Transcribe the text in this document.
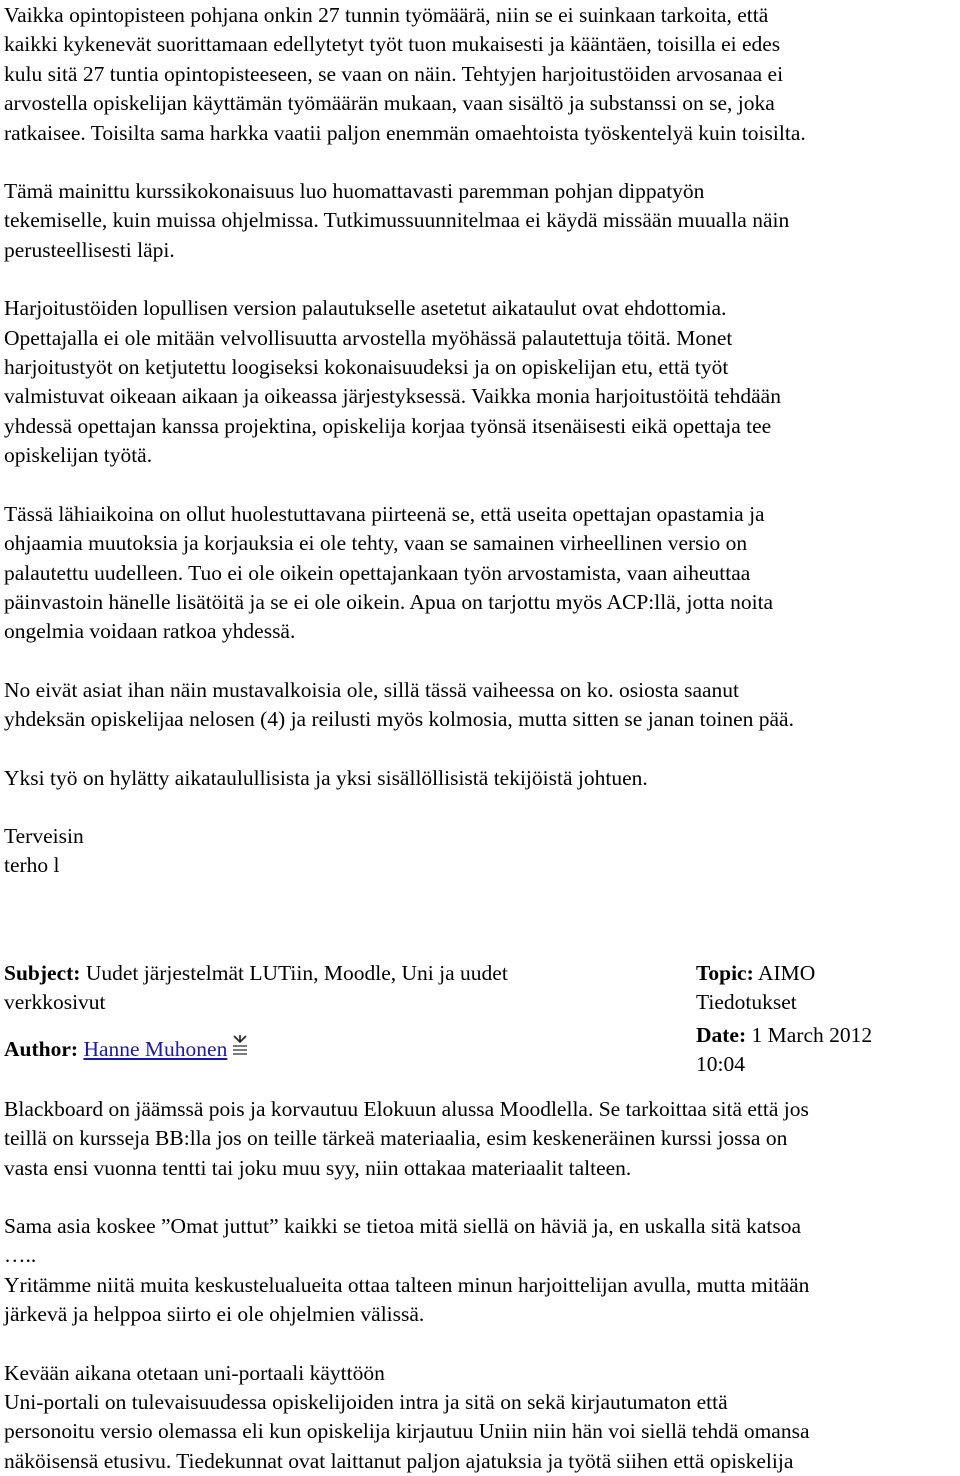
Vaikka opintopisteen pohjana onkin 27 tunnin työmäärä, niin se ei suinkaan tarkoita, että
kaikki kykenevät suorittamaan edellytetyt työt tuon mukaisesti ja kääntäen, toisilla ei edes
kulu sitä 27 tuntia opintopisteeseen, se vaan on näin. Tehtyjen harjoitustöiden arvosanaa ei
arvostella opiskelijan käyttämän työmäärän mukaan, vaan sisältö ja substanssi on se, joka
ratkaisee. Toisilta sama harkka vaatii paljon enemmän omaehtoista työskentelyä kuin toisilta.

Tämä mainittu kurssikokonaisuus luo huomattavasti paremman pohjan dippatyön
tekemiselle, kuin muissa ohjelmissa. Tutkimussuunnitelmaa ei käydä missään muualla näin
perusteellisesti läpi.

Harjoitustöiden lopullisen version palautukselle asetetut aikataulut ovat ehdottomia.
Opettajalla ei ole mitään velvollisuutta arvostella myöhässä palautettuja töitä. Monet
harjoitustyöt on ketjutettu loogiseksi kokonaisuudeksi ja on opiskelijan etu, että työt
valmistuvat oikeaan aikaan ja oikeassa järjestyksessä. Vaikka monia harjoitustöitä tehdään
yhdessä opettajan kanssa projektina, opiskelija korjaa työnsä itsenäisesti eikä opettaja tee
opiskelijan työtä.

Tässä lähiaikoina on ollut huolestuttavana piirteenä se, että useita opettajan opastamia ja
ohjaamia muutoksia ja korjauksia ei ole tehty, vaan se samainen virheellinen versio on
palautettu uudelleen. Tuo ei ole oikein opettajankaan työn arvostamista, vaan aiheuttaa
päinvastoin hänelle lisätöitä ja se ei ole oikein. Apua on tarjottu myös ACP:llä, jotta noita
ongelmia voidaan ratkoa yhdessä.

No eivät asiat ihan näin mustavalkoisia ole, sillä tässä vaiheessa on ko. osiosta saanut
yhdeksän opiskelijaa nelosen (4) ja reilusti myös kolmosia, mutta sitten se janan toinen pää.

Yksi työ on hylätty aikataulullisista ja yksi sisällöllisistä tekijöistä johtuen.

Terveisin
terho l

Subject: Uudet järjestelmät LUTiin, Moodle, Uni ja uudet
verkkosivut

Author: Hanne Muhonen

Topic: AIMO
Tiedotukset

Date: 1 March 2012
10:04

Blackboard on jäämssä pois ja korvautuu Elokuun alussa Moodlella. Se tarkoittaa sitä että jos
teillä on kursseja BB:lla jos on teille tärkeä materiaalia, esim keskeneräinen kurssi jossa on
vasta ensi vuonna tentti tai joku muu syy, niin ottakaa materiaalit talteen.

Sama asia koskee ”Omat juttut” kaikki se tietoa mitä siellä on häviä ja, en uskalla sitä katsoa
…..
Yritämme niitä muita keskustelualueita ottaa talteen minun harjoittelijan avulla, mutta mitään
järkevä ja helppoa siirto ei ole ohjelmien välissä.

Kevään aikana otetaan uni-portaali käyttöön
Uni-portali on tulevaisuudessa opiskelijoiden intra ja sitä on sekä kirjautumaton että
personoitu versio olemassa eli kun opiskelija kirjautuu Uniin niin hän voi siellä tehdä omansa
näköisensä etusivu. Tiedekunnat ovat laittanut paljon ajatuksia ja työtä siihen että opiskelija
